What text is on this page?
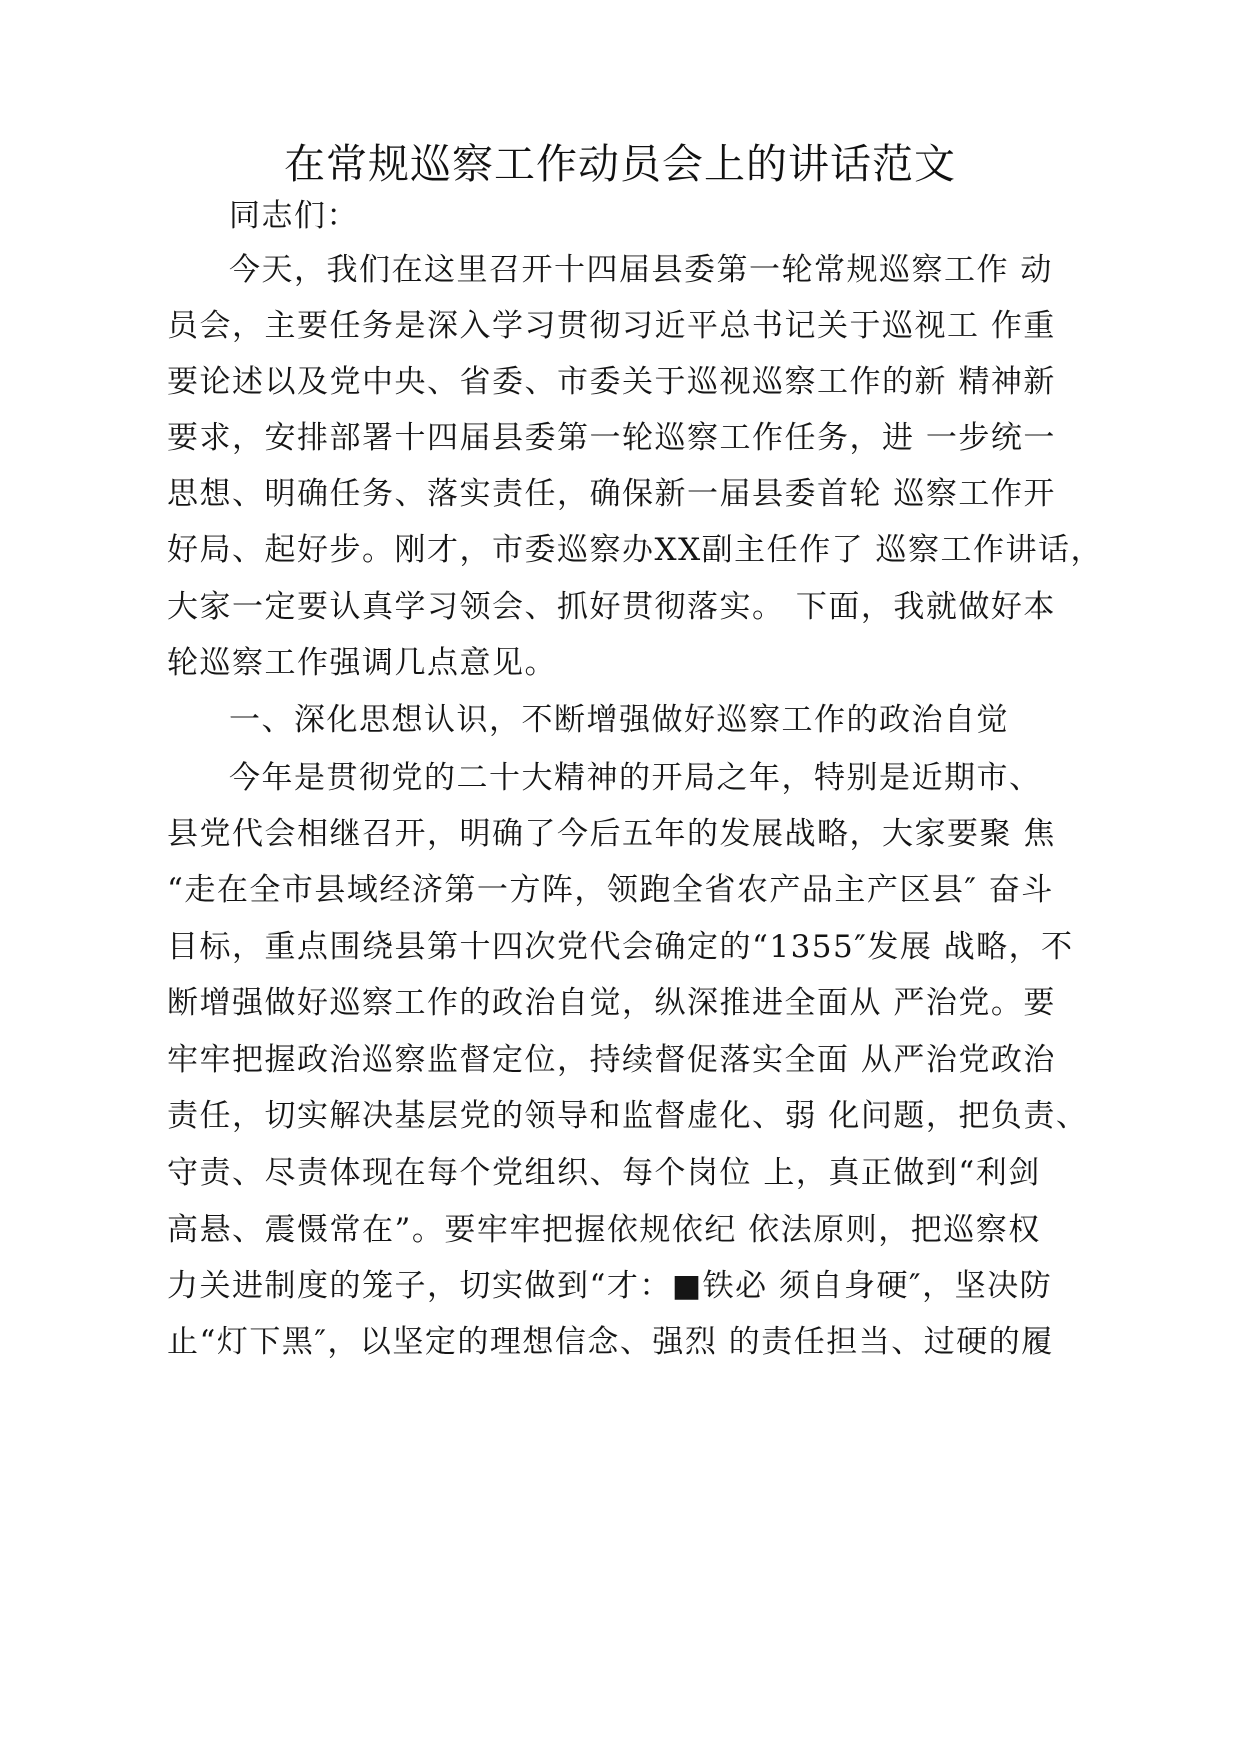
在常规巡察工作动员会上的讲话范文
同志们：
今天，我们在这里召开十四届县委第一轮常规巡察工作 动
员会，主要任务是深入学习贯彻习近平总书记关于巡视工 作重
要论述以及党中央、省委、市委关于巡视巡察工作的新 精神新
要求，安排部署十四届县委第一轮巡察工作任务，进 一步统一
思想、明确任务、落实责任，确保新一届县委首轮 巡察工作开
好局、起好步。刚才，市委巡察办XX副主任作了 巡察工作讲话，
大家一定要认真学习领会、抓好贯彻落实。 下面，我就做好本
轮巡察工作强调几点意见。
一、深化思想认识，不断增强做好巡察工作的政治自觉
今年是贯彻党的二十大精神的开局之年，特别是近期市、
县党代会相继召开，明确了今后五年的发展战略，大家要聚 焦
“走在全市县域经济第一方阵，领跑全省农产品主产区县″ 奋斗
目标，重点围绕县第十四次党代会确定的“1355″发展 战略，不
断增强做好巡察工作的政治自觉，纵深推进全面从 严治党。要
牢牢把握政治巡察监督定位，持续督促落实全面 从严治党政治
责任，切实解决基层党的领导和监督虚化、弱 化问题，把负责、
守责、尽责体现在每个党组织、每个岗位 上，真正做到“利剑
高悬、震慑常在”。要牢牢把握依规依纪 依法原则，把巡察权
力关进制度的笼子，切实做到“才：■铁必 须自身硬″，坚决防
止“灯下黑″，以坚定的理想信念、强烈 的责任担当、过硬的履
